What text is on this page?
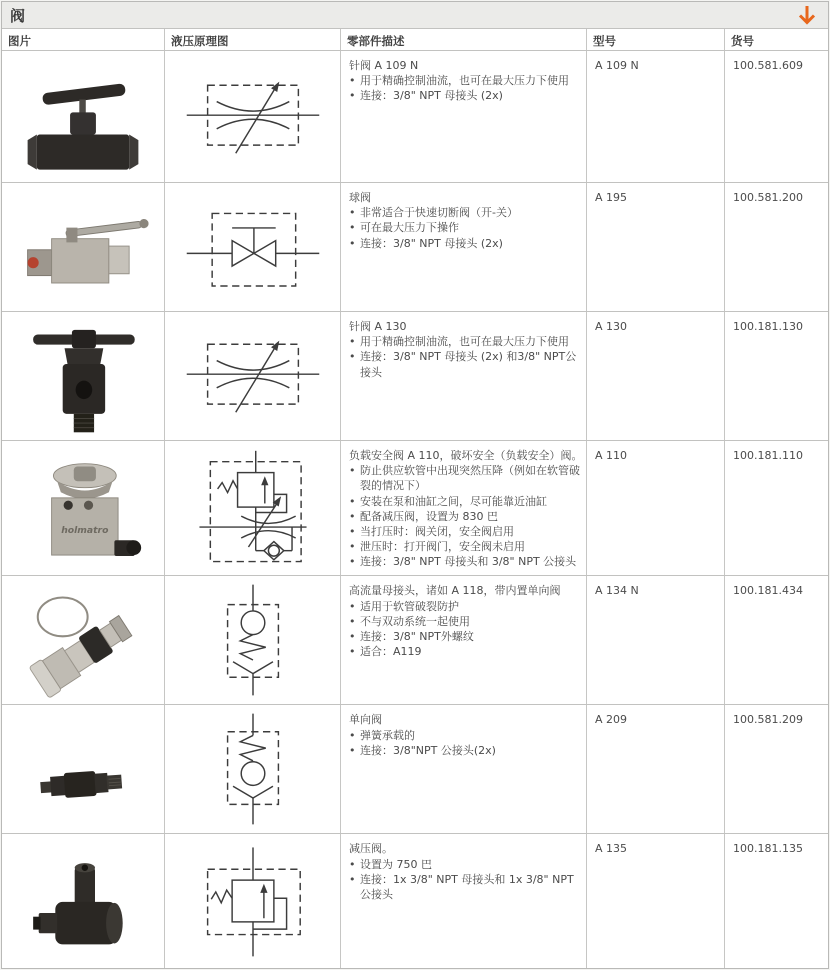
阀
图片	液压原理图	零部件描述	型号	货号
针阀 A 109 N
• 用于精确控制油流，也可在最大压力下使用
• 连接：3/8" NPT 母接头 (2x)
A 109 N	100.581.609
球阀
• 非常适合于快速切断阀（开-关）
• 可在最大压力下操作
• 连接：3/8" NPT 母接头 (2x)
A 195	100.581.200
针阀 A 130
• 用于精确控制油流，也可在最大压力下使用
• 连接：3/8" NPT 母接头 (2x) 和3/8" NPT公接头
A 130	100.181.130
负载安全阀 A 110，破坏安全（负载安全）阀。
• 防止供应软管中出现突然压降（例如在软管破裂的情况下）
• 安装在泵和油缸之间，尽可能靠近油缸
• 配备减压阀，设置为 830 巴
• 当打压时：阀关闭，安全阀启用
• 泄压时：打开阀门，安全阀未启用
• 连接：3/8" NPT 母接头和 3/8" NPT 公接头
A 110	100.181.110
高流量母接头，诸如 A 118，带内置单向阀
• 适用于软管破裂防护
• 不与双动系统一起使用
• 连接：3/8" NPT外螺纹
• 适合：A119
A 134 N	100.181.434
单向阀
• 弹簧承载的
• 连接：3/8"NPT 公接头(2x)
A 209	100.581.209
减压阀。
• 设置为 750 巴
• 连接：1x 3/8" NPT 母接头和 1x 3/8" NPT 公接头
A 135	100.181.135
